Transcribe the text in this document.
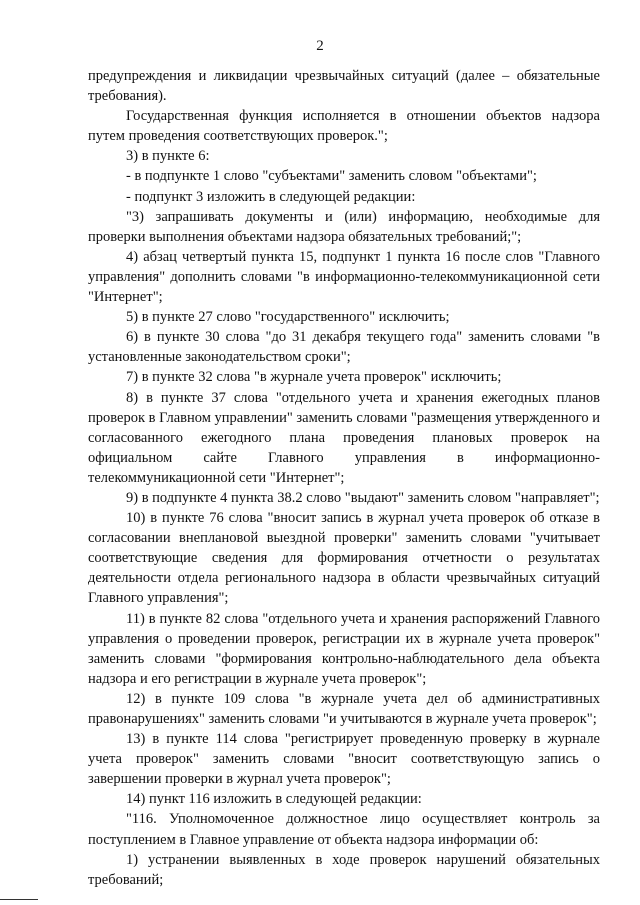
2

предупреждения и ликвидации чрезвычайных ситуаций (далее – обязательные требования).

Государственная функция исполняется в отношении объектов надзора путем проведения соответствующих проверок.";

3) в пункте 6:

- в подпункте 1 слово "субъектами" заменить словом "объектами";

- подпункт 3 изложить в следующей редакции:

"3) запрашивать документы и (или) информацию, необходимые для проверки выполнения объектами надзора обязательных требований;";

4) абзац четвертый пункта 15, подпункт 1 пункта 16 после слов "Главного управления" дополнить словами "в информационно-телекоммуникационной сети "Интернет";

5) в пункте 27 слово "государственного" исключить;

6) в пункте 30 слова "до 31 декабря текущего года" заменить словами "в установленные законодательством сроки";

7) в пункте 32 слова "в журнале учета проверок" исключить;

8) в пункте 37 слова "отдельного учета и хранения ежегодных планов проверок в Главном управлении" заменить словами "размещения утвержденного и согласованного ежегодного плана проведения плановых проверок на официальном сайте Главного управления в информационно-телекоммуникационной сети "Интернет";

9) в подпункте 4 пункта 38.2 слово "выдают" заменить словом "направляет";

10) в пункте 76 слова "вносит запись в журнал учета проверок об отказе в согласовании внеплановой выездной проверки" заменить словами "учитывает соответствующие сведения для формирования отчетности о результатах деятельности отдела регионального надзора в области чрезвычайных ситуаций Главного управления";

11) в пункте 82 слова "отдельного учета и хранения распоряжений Главного управления о проведении проверок, регистрации их в журнале учета проверок" заменить словами "формирования контрольно-наблюдательного дела объекта надзора и его регистрации в журнале учета проверок";

12) в пункте 109 слова "в журнале учета дел об административных правонарушениях" заменить словами "и учитываются в журнале учета проверок";

13) в пункте 114 слова "регистрирует проведенную проверку в журнале учета проверок" заменить словами "вносит соответствующую запись о завершении проверки в журнал учета проверок";

14) пункт 116 изложить в следующей редакции:

"116. Уполномоченное должностное лицо осуществляет контроль за поступлением в Главное управление от объекта надзора информации об:

1) устранении выявленных в ходе проверок нарушений обязательных требований;
